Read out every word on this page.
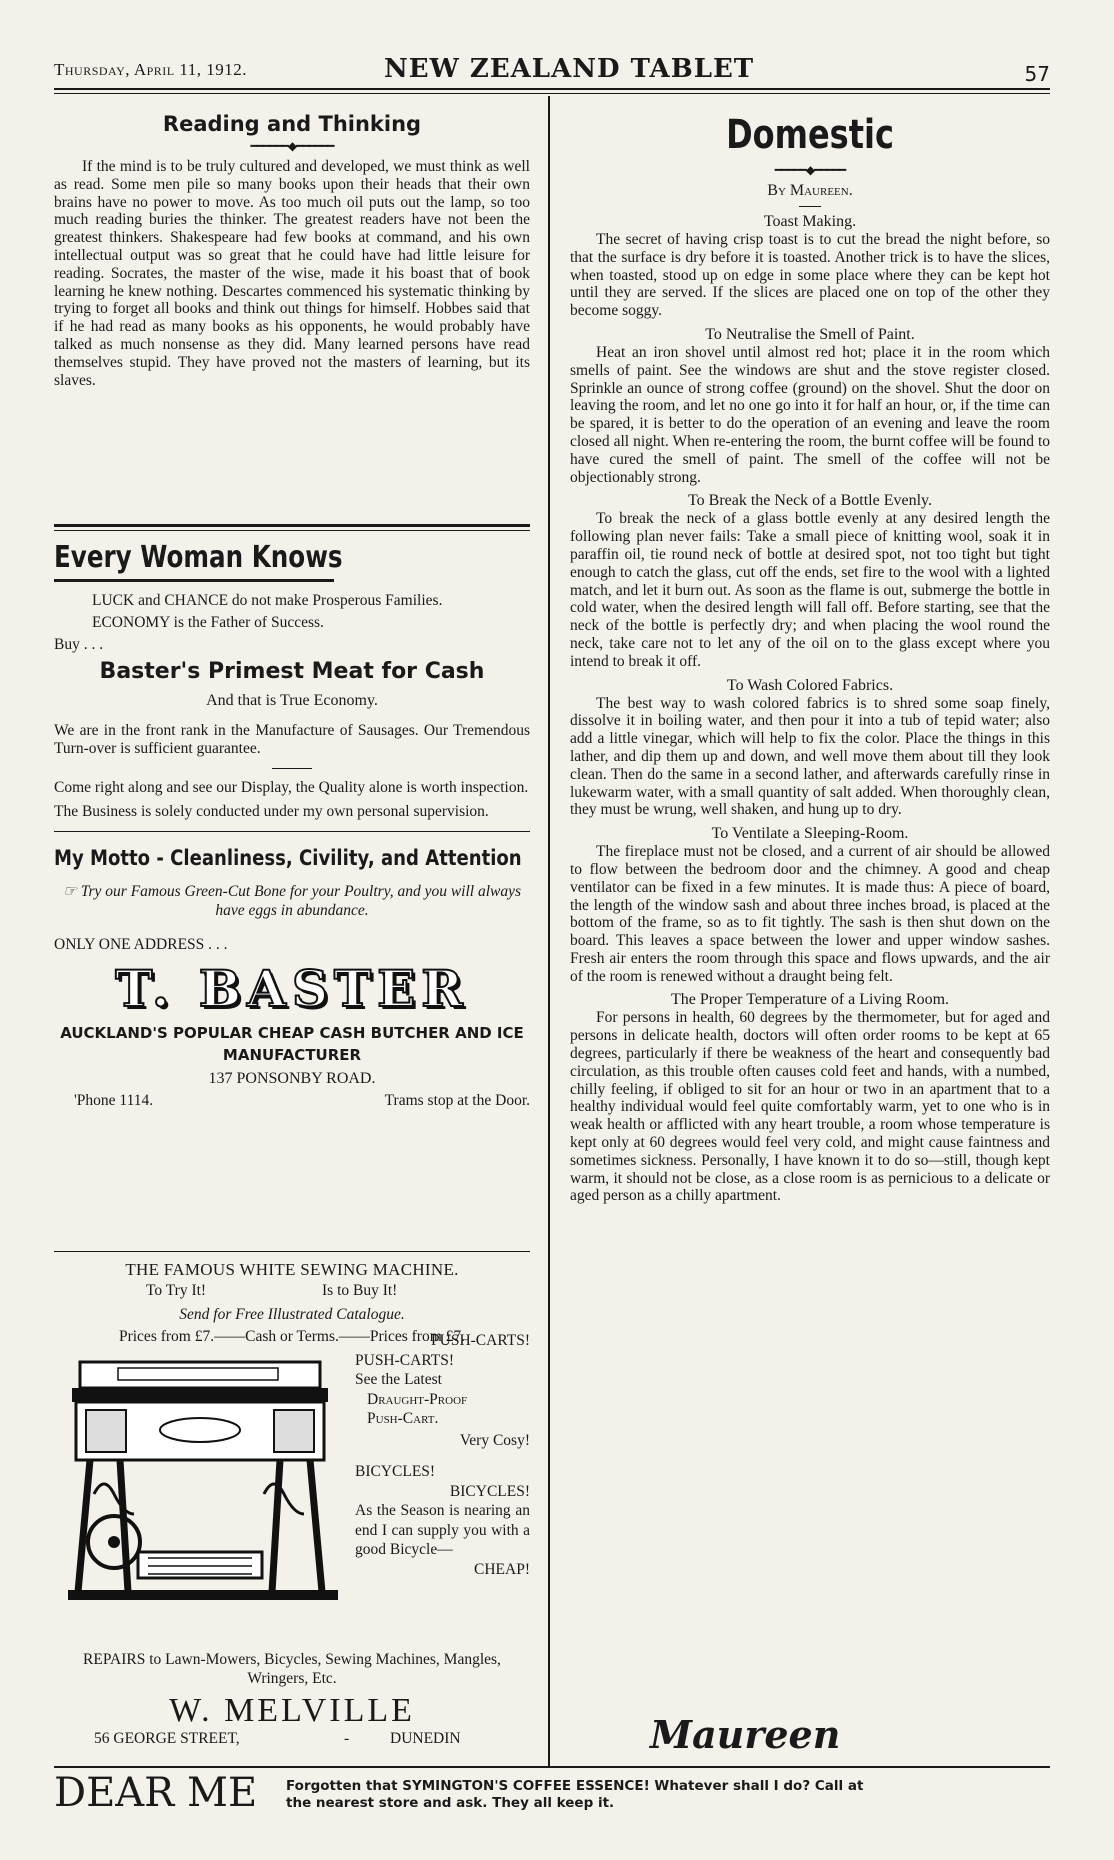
Thursday, April 11, 1912.	NEW ZEALAND TABLET	57
Reading and Thinking
━━━━━━◆━━━━━━

If the mind is to be truly cultured and developed, we must think as well as read. Some men pile so many books upon their heads that their own brains have no power to move. As too much oil puts out the lamp, so too much reading buries the thinker. The greatest readers have not been the greatest thinkers. Shakespeare had few books at command, and his own intellectual output was so great that he could have had little leisure for reading. Socrates, the master of the wise, made it his boast that of book learning he knew nothing. Descartes commenced his systematic thinking by trying to forget all books and think out things for himself. Hobbes said that if he had read as many books as his opponents, he would probably have talked as much nonsense as they did. Many learned persons have read themselves stupid. They have proved not the masters of learning, but its slaves.

Every Woman Knows

LUCK and CHANCE do not make Prosperous Families.

ECONOMY is the Father of Success.

Buy . . .

Baster's Primest Meat for Cash
And that is True Economy.

We are in the front rank in the Manufacture of Sausages. Our Tremendous Turn-over is sufficient guarantee.

Come right along and see our Display, the Quality alone is worth inspection.

The Business is solely conducted under my own personal supervision.

My Motto - Cleanliness, Civility, and Attention
☞ Try our Famous Green-Cut Bone for your Poultry, and you will always have eggs in abundance.

ONLY ONE ADDRESS . . .

T. BASTER
AUCKLAND'S POPULAR CHEAP CASH BUTCHER AND ICE MANUFACTURER
137 PONSONBY ROAD.
'Phone 1114.	Trams stop at the Door.
THE FAMOUS WHITE SEWING MACHINE.
To Try It!	Is to Buy It!
Send for Free Illustrated Catalogue.
Prices from £7.——Cash or Terms.——Prices from £7.
PUSH-CARTS!
PUSH-CARTS!
See the Latest
Draught-Proof
Push-Cart.
Very Cosy!
BICYCLES!
BICYCLES!
As the Season is nearing an end I can supply you with a good Bicycle—
CHEAP!
REPAIRS to Lawn-Mowers, Bicycles, Sewing Machines, Mangles, Wringers, Etc.
W. MELVILLE
56 GEORGE STREET,	-	DUNEDIN
Domestic
━━━━━◆━━━━━
By Maureen.
Toast Making.

The secret of having crisp toast is to cut the bread the night before, so that the surface is dry before it is toasted. Another trick is to have the slices, when toasted, stood up on edge in some place where they can be kept hot until they are served. If the slices are placed one on top of the other they become soggy.

To Neutralise the Smell of Paint.

Heat an iron shovel until almost red hot; place it in the room which smells of paint. See the windows are shut and the stove register closed. Sprinkle an ounce of strong coffee (ground) on the shovel. Shut the door on leaving the room, and let no one go into it for half an hour, or, if the time can be spared, it is better to do the operation of an evening and leave the room closed all night. When re-entering the room, the burnt coffee will be found to have cured the smell of paint. The smell of the coffee will not be objectionably strong.

To Break the Neck of a Bottle Evenly.

To break the neck of a glass bottle evenly at any desired length the following plan never fails: Take a small piece of knitting wool, soak it in paraffin oil, tie round neck of bottle at desired spot, not too tight but tight enough to catch the glass, cut off the ends, set fire to the wool with a lighted match, and let it burn out. As soon as the flame is out, submerge the bottle in cold water, when the desired length will fall off. Before starting, see that the neck of the bottle is perfectly dry; and when placing the wool round the neck, take care not to let any of the oil on to the glass except where you intend to break it off.

To Wash Colored Fabrics.

The best way to wash colored fabrics is to shred some soap finely, dissolve it in boiling water, and then pour it into a tub of tepid water; also add a little vinegar, which will help to fix the color. Place the things in this lather, and dip them up and down, and well move them about till they look clean. Then do the same in a second lather, and afterwards carefully rinse in lukewarm water, with a small quantity of salt added. When thoroughly clean, they must be wrung, well shaken, and hung up to dry.

To Ventilate a Sleeping-Room.

The fireplace must not be closed, and a current of air should be allowed to flow between the bedroom door and the chimney. A good and cheap ventilator can be fixed in a few minutes. It is made thus: A piece of board, the length of the window sash and about three inches broad, is placed at the bottom of the frame, so as to fit tightly. The sash is then shut down on the board. This leaves a space between the lower and upper window sashes. Fresh air enters the room through this space and flows upwards, and the air of the room is renewed without a draught being felt.

The Proper Temperature of a Living Room.

For persons in health, 60 degrees by the thermometer, but for aged and persons in delicate health, doctors will often order rooms to be kept at 65 degrees, particularly if there be weakness of the heart and consequently bad circulation, as this trouble often causes cold feet and hands, with a numbed, chilly feeling, if obliged to sit for an hour or two in an apartment that to a healthy individual would feel quite comfortably warm, yet to one who is in weak health or afflicted with any heart trouble, a room whose temperature is kept only at 60 degrees would feel very cold, and might cause faintness and sometimes sickness. Personally, I have known it to do so—still, though kept warm, it should not be close, as a close room is as pernicious to a delicate or aged person as a chilly apartment.

Maureen
DEAR ME Forgotten that SYMINGTON'S COFFEE ESSENCE! Whatever shall I do? Call at
the nearest store and ask. They all keep it.
